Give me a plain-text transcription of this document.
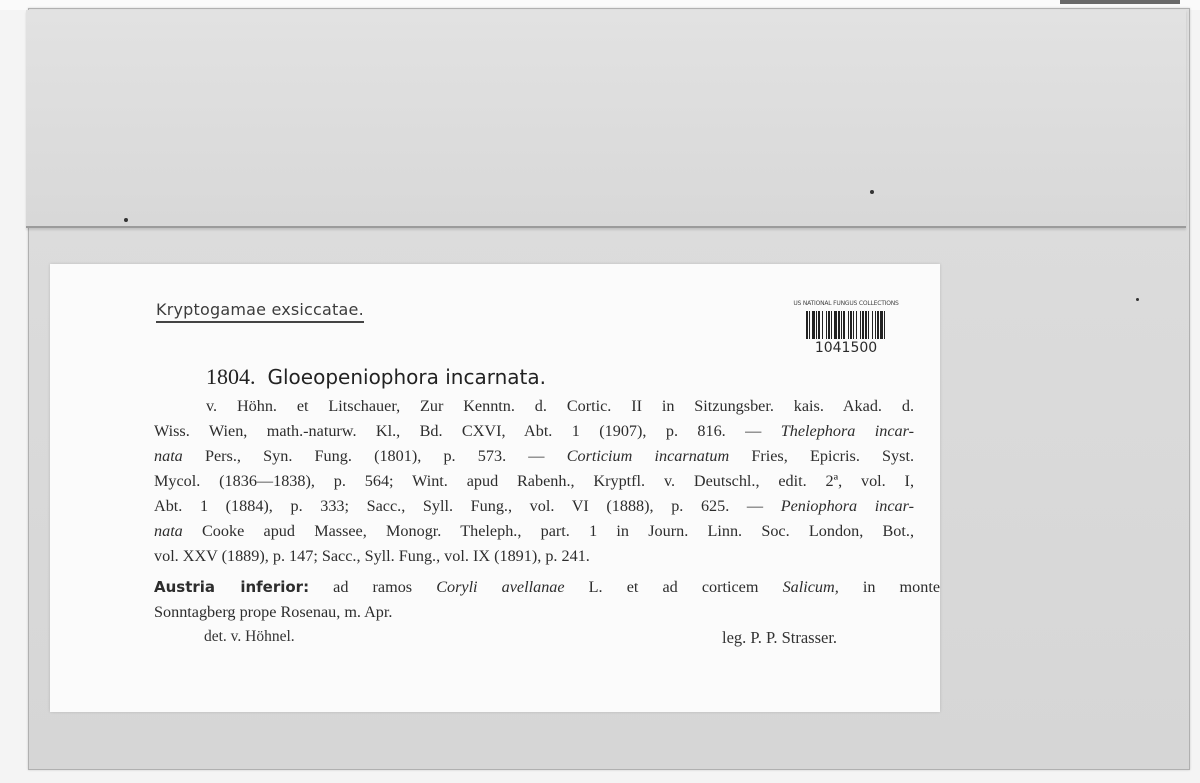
Kryptogamae exsiccatae.	US NATIONAL FUNGUS COLLECTIONS
1041500
1804. Gloeopeniophora incarnata.
v. Höhn. et Litschauer, Zur Kenntn. d. Cortic. II in Sitzungsber. kais. Akad. d.
Wiss. Wien, math.-naturw. Kl., Bd. CXVI, Abt. 1 (1907), p. 816. — Thelephora incar-
nata Pers., Syn. Fung. (1801), p. 573. — Corticium incarnatum Fries, Epicris. Syst.
Mycol. (1836—1838), p. 564; Wint. apud Rabenh., Kryptfl. v. Deutschl., edit. 2ª, vol. I,
Abt. 1 (1884), p. 333; Sacc., Syll. Fung., vol. VI (1888), p. 625. — Peniophora incar-
nata Cooke apud Massee, Monogr. Theleph., part. 1 in Journ. Linn. Soc. London, Bot.,
vol. XXV (1889), p. 147; Sacc., Syll. Fung., vol. IX (1891), p. 241.
Austria inferior: ad ramos Coryli avellanae L. et ad corticem Salicum, in monte
Sonntagberg prope Rosenau, m. Apr.
det. v. Höhnel.	leg. P. P. Strasser.
